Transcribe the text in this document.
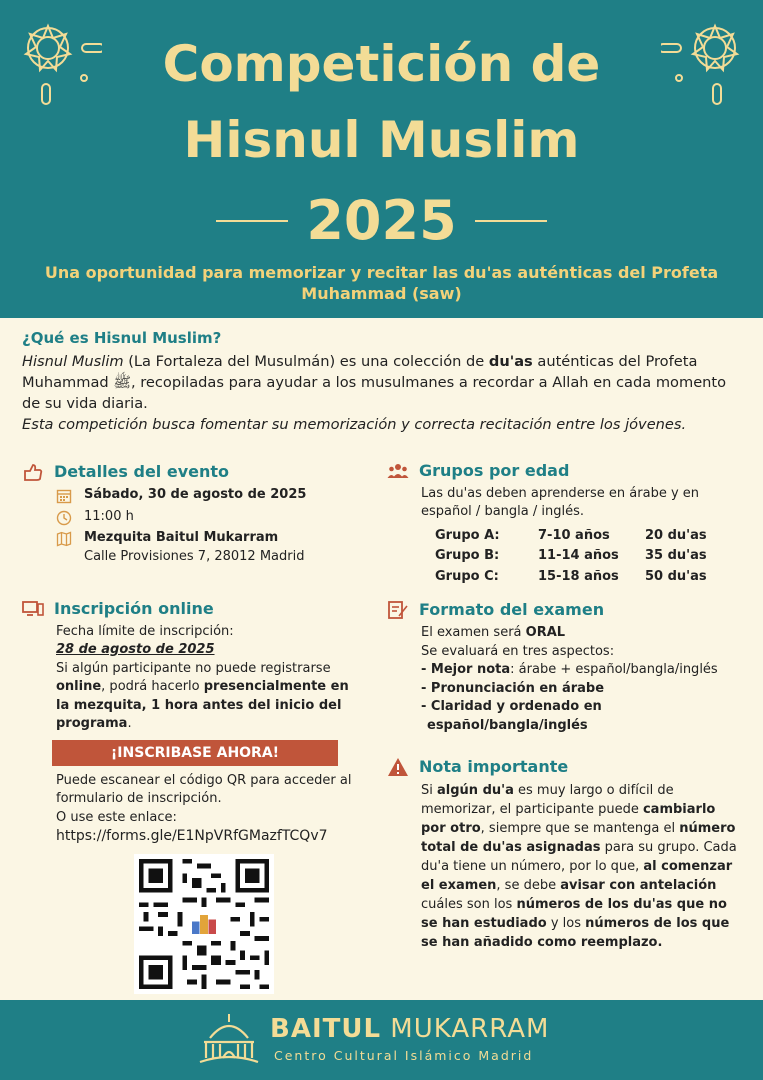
Competición de
Hisnul Muslim
2025
Una oportunidad para memorizar y recitar las du'as auténticas del Profeta Muhammad (saw)
¿Qué es Hisnul Muslim?

Hisnul Muslim (La Fortaleza del Musulmán) es una colección de du'as auténticas del Profeta Muhammad ﷺ, recopiladas para ayudar a los musulmanes a recordar a Allah en cada momento de su vida diaria.

Esta competición busca fomentar su memorización y correcta recitación entre los jóvenes.

Detalles del evento
Sábado, 30 de agosto de 2025
11:00 h
Mezquita Baitul Mukarram
Calle Provisiones 7, 28012 Madrid
Inscripción online
Fecha límite de inscripción:
28 de agosto de 2025
Si algún participante no puede registrarse online, podrá hacerlo presencialmente en la mezquita, 1 hora antes del inicio del programa.
¡INSCRIBASE AHORA!
Puede escanear el código QR para acceder al formulario de inscripción.
O use este enlace:
https://forms.gle/E1NpVRfGMazfTCQv7
Grupos por edad
Las du'as deben aprenderse en árabe y en español / bangla / inglés.
Grupo A:	7-10 años	20 du'as
Grupo B:	11-14 años	35 du'as
Grupo C:	15-18 años	50 du'as
Formato del examen
El examen será ORAL
Se evaluará en tres aspectos:
- Mejor nota: árabe + español/bangla/inglés
- Pronunciación en árabe
- Claridad y ordenado en español/bangla/inglés
Nota importante
Si algún du'a es muy largo o difícil de memorizar, el participante puede cambiarlo por otro, siempre que se mantenga el número total de du'as asignadas para su grupo. Cada du'a tiene un número, por lo que, al comenzar el examen, se debe avisar con antelación cuáles son los números de los du'as que no se han estudiado y los números de los que se han añadido como reemplazo.
BAITUL MUKARRAM
Centro Cultural Islámico Madrid
